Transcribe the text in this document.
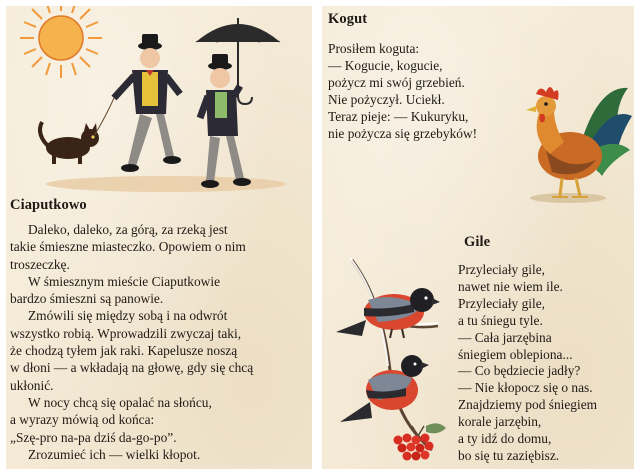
Ciaputkowo

Daleko, daleko, za górą, za rzeką jest

takie śmieszne miasteczko. Opowiem o nim

troszeczkę.

W śmiesznym mieście Ciaputkowie

bardzo śmieszni są panowie.

Zmówili się między sobą i na odwrót

wszystko robią. Wprowadzili zwyczaj taki,

że chodzą tyłem jak raki. Kapelusze noszą

w dłoni — a wkładają na głowę, gdy się chcą

ukłonić.

W nocy chcą się opalać na słońcu,

a wyrazy mówią od końca:

„Szę-pro na-pa dziś da-go-po”.

Zrozumieć ich — wielki kłopot.

Kogut
Prosiłem koguta:
— Kogucie, kogucie,
pożycz mi swój grzebień.
Nie pożyczył. Uciekł.
Teraz pieje: — Kukuryku,
nie pożycza się grzebyków!
Gile
Przyleciały gile,
nawet nie wiem ile.
Przyleciały gile,
a tu śniegu tyle.
— Cała jarzębina
śniegiem oblepiona...
— Co będziecie jadły?
— Nie kłopocz się o nas.
Znajdziemy pod śniegiem
korale jarzębin,
a ty idź do domu,
bo się tu zaziębisz.
